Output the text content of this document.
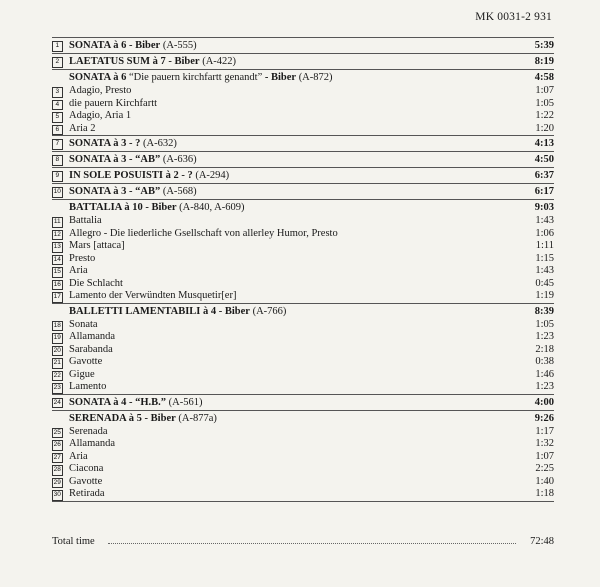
MK 0031-2 931
1 SONATA à 6 - Biber (A-555)	5:39
2 LAETATUS SUM à 7 - Biber (A-422)	8:19
SONATA à 6 “Die pauern kirchfartt genandt” - Biber (A-872)	4:58
3 Adagio, Presto	1:07
4 die pauern Kirchfartt	1:05
5 Adagio, Aria 1	1:22
6 Aria 2	1:20
7 SONATA à 3 - ? (A-632)	4:13
8 SONATA à 3 - “AB” (A-636)	4:50
9 IN SOLE POSUISTI à 2 - ? (A-294)	6:37
10 SONATA à 3 - “AB” (A-568)	6:17
BATTALIA à 10 - Biber (A-840, A-609)	9:03
11 Battalia	1:43
12 Allegro - Die liederliche Gsellschaft von allerley Humor, Presto	1:06
13 Mars [attaca]	1:11
14 Presto	1:15
15 Aria	1:43
16 Die Schlacht	0:45
17 Lamento der Verwündten Musquetir[er]	1:19
BALLETTI LAMENTABILI à 4 - Biber (A-766)	8:39
18 Sonata	1:05
19 Allamanda	1:23
20 Sarabanda	2:18
21 Gavotte	0:38
22 Gigue	1:46
23 Lamento	1:23
24 SONATA à 4 - “H.B.” (A-561)	4:00
SERENADA à 5 - Biber (A-877a)	9:26
25 Serenada	1:17
26 Allamanda	1:32
27 Aria	1:07
28 Ciacona	2:25
29 Gavotte	1:40
30 Retirada	1:18
Total time	72:48
